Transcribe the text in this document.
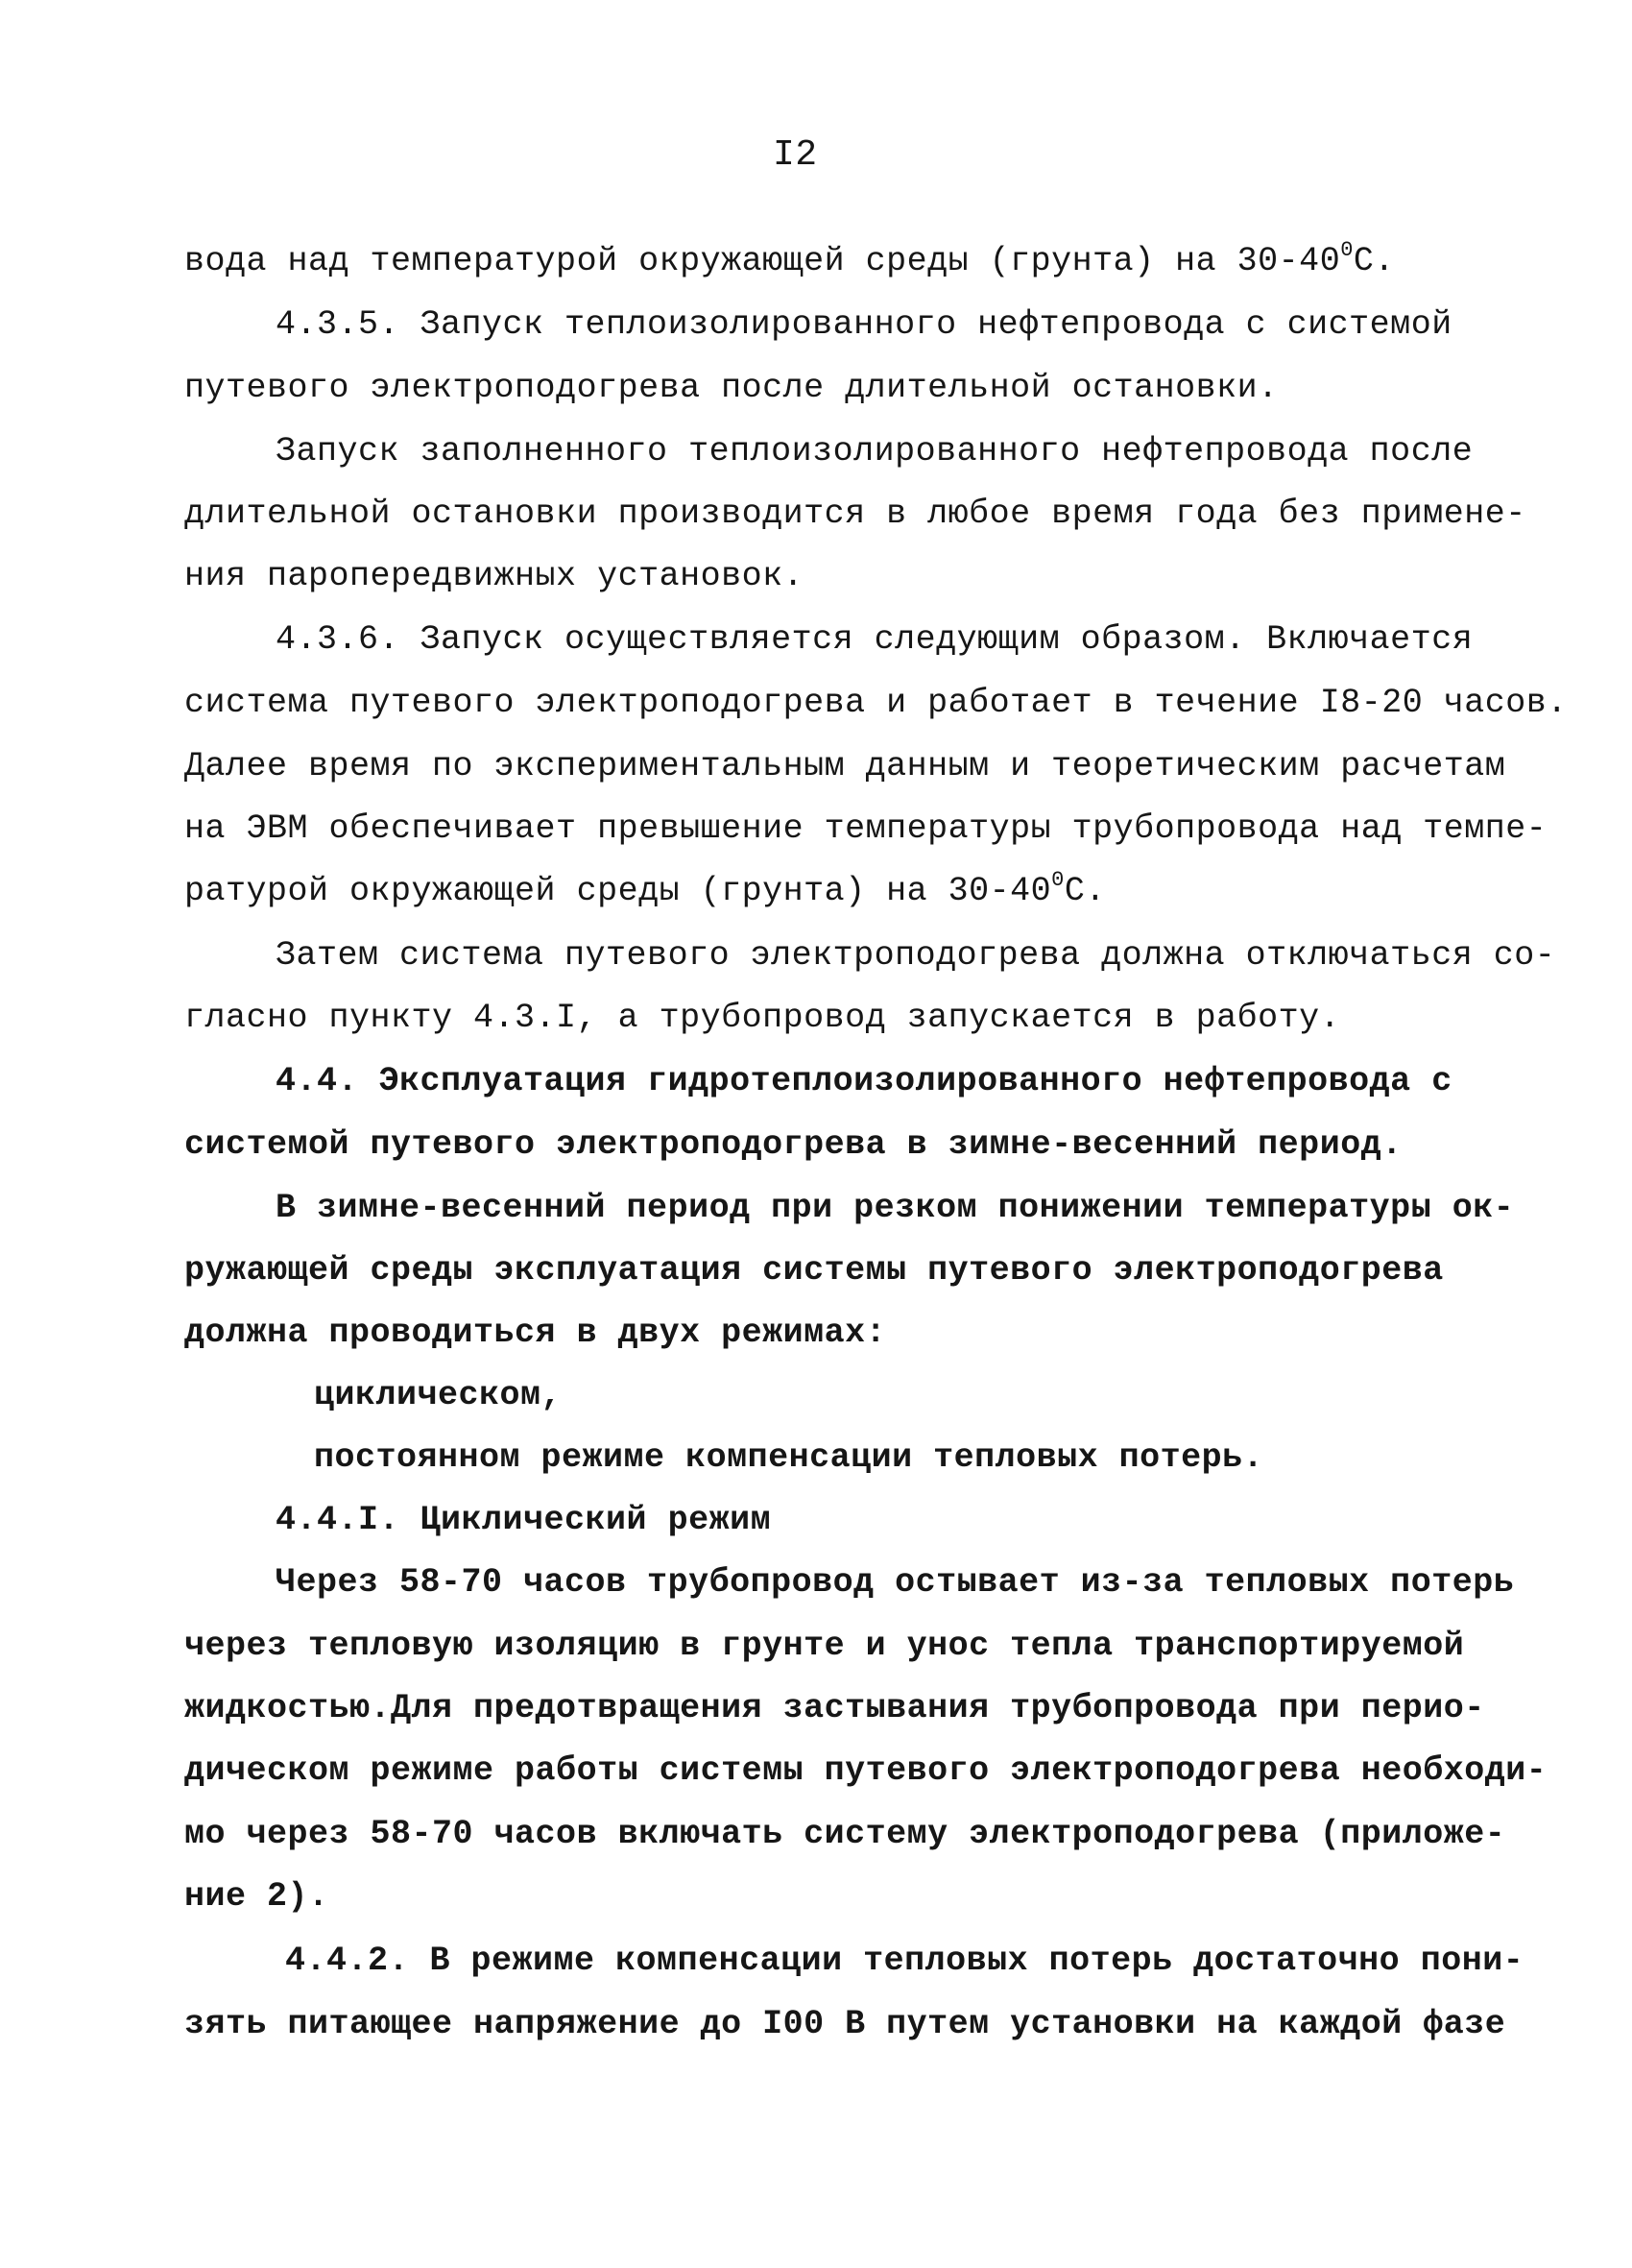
I2
вода над температурой окружающей среды (грунта) на $30-40^0С$.
4.3.5. Запуск теплоизолированного нефтепровода с системой
путевого электроподогрева после длительной остановки.
Запуск заполненного теплоизолированного нефтепровода после
длительной остановки производится в любое время года без примене-
ния паропередвижных установок.
4.3.6. Запуск осуществляется следующим образом. Включается
система путевого электроподогрева и работает в течение I8-20 часов.
Далее время по экспериментальным данным и теоретическим расчетам
на ЭВМ обеспечивает превышение температуры трубопровода над темпе-
ратурой окружающей среды (грунта) на $30-40^0С$.
Затем система путевого электроподогрева должна отключаться со-
гласно пункту 4.3.I, а трубопровод запускается в работу.
4.4. Эксплуатация гидротеплоизолированного нефтепровода с
системой путевого электроподогрева в зимне-весенний период.
В зимне-весенний период при резком понижении температуры ок-
ружающей среды эксплуатация системы путевого электроподогрева
должна проводиться в двух режимах:
циклическом,
постоянном режиме компенсации тепловых потерь.
4.4.I. Циклический режим
Через 58-70 часов трубопровод остывает из-за тепловых потерь
через тепловую изоляцию в грунте и унос тепла транспортируемой
жидкостью.Для предотвращения застывания трубопровода при перио-
дическом режиме работы системы путевого электроподогрева необходи-
мо через 58-70 часов включать систему электроподогрева (приложе-
ние 2).
4.4.2. В режиме компенсации тепловых потерь достаточно пони-
зять питающее напряжение до I00 В путем установки на каждой фазе
